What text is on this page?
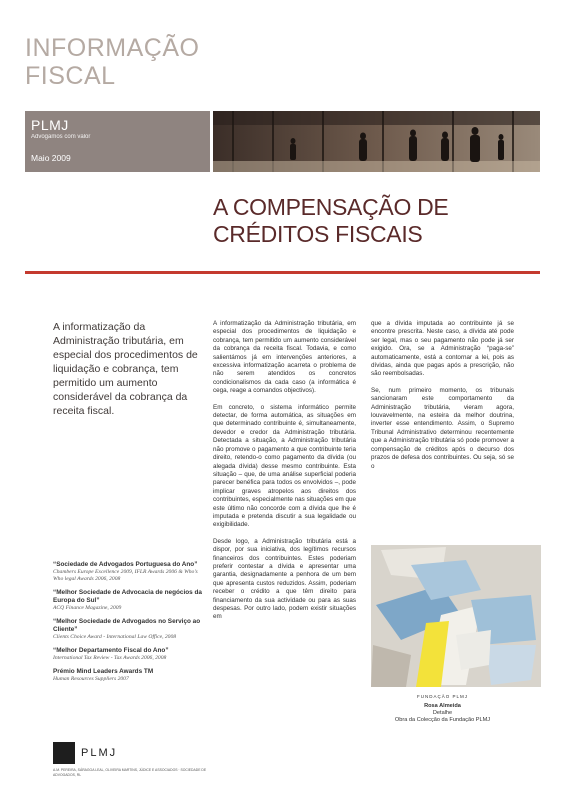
INFORMAÇÃO
FISCAL
PLMJ
Advogamos com valor
Maio 2009
A COMPENSAÇÃO DE
CRÉDITOS FISCAIS
A informatização da Administração tributária, em especial dos procedimentos de liquidação e cobrança, tem permitido um aumento considerável da cobrança da receita fiscal.
“Sociedade de Advogados Portuguesa do Ano”
Chambers Europe Excellence 2009, IFLR Awards 2006 & Who’s Who legal Awards 2006, 2008
“Melhor Sociedade de Advocacia de negócios da Europa do Sul”
ACQ Finance Magazine, 2009
“Melhor Sociedade de Advogados no Serviço ao Cliente”
Clients Choice Award - International Law Office, 2008
“Melhor Departamento Fiscal do Ano”
International Tax Review - Tax Awards 2006, 2008
Prémio Mind Leaders Awards TM
Human Resources Suppliers 2007
PLMJ
A.M. PEREIRA, SÁRAGGA LEAL, OLIVEIRA MARTINS, JÚDICE E ASSOCIADOS · SOCIEDADE DE ADVOGADOS, RL

A informatização da Administração tributária, em especial dos procedimentos de liquidação e cobrança, tem permitido um aumento considerável da cobrança da receita fiscal. Todavia, e como salientámos já em intervenções anteriores, a excessiva informatização acarreta o problema de não serem atendidos os concretos condicionalismos da cada caso (a informática é cega, reage a comandos objectivos).

Em concreto, o sistema informático permite detectar, de forma automática, as situações em que determinado contribuinte é, simultaneamente, devedor e credor da Administração tributária. Detectada a situação, a Administração tributária não promove o pagamento a que contribuinte teria direito, retendo-o como pagamento da dívida (ou alegada dívida) desse mesmo contribuinte. Esta situação – que, de uma análise superficial poderia parecer benéfica para todos os envolvidos –, pode implicar graves atropelos aos direitos dos contribuintes, especialmente nas situações em que este último não concorde com a dívida que lhe é imputada e pretenda discutir a sua legalidade ou exigibilidade.

Desde logo, a Administração tributária está a dispor, por sua iniciativa, dos legítimos recursos financeiros dos contribuintes. Estes poderiam preferir contestar a dívida e apresentar uma garantia, designadamente a penhora de um bem que apresenta custos reduzidos. Assim, poderiam receber o crédito a que têm direito para financiamento da sua actividade ou para as suas despesas. Por outro lado, podem existir situações em

que a dívida imputada ao contribuinte já se encontre prescrita. Neste caso, a dívida até pode ser legal, mas o seu pagamento não pode já ser exigido. Ora, se a Administração “paga-se” automaticamente, está a contornar a lei, pois as dívidas, ainda que pagas após a prescrição, não são reembolsadas.

Se, num primeiro momento, os tribunais sancionaram este comportamento da Administração tributária, vieram agora, louvavelmente, na esteira da melhor doutrina, inverter esse entendimento. Assim, o Supremo Tribunal Administrativo determinou recentemente que a Administração tributária só pode promover a compensação de créditos após o decurso dos prazos de defesa dos contribuintes. Ou seja, só se o

FUNDAÇÃO PLMJ
Rosa Almeida
Detalhe
Obra da Colecção da Fundação PLMJ
